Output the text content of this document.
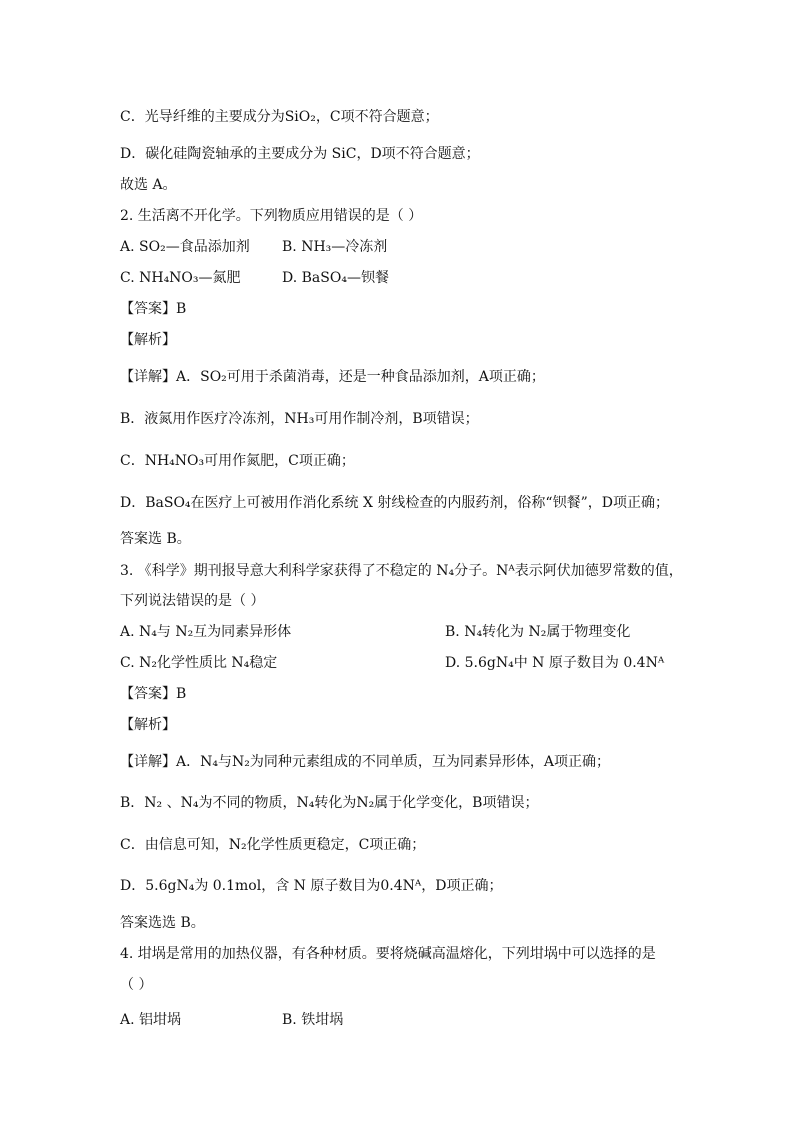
C．光导纤维的主要成分为SiO₂，C项不符合题意；
D．碳化硅陶瓷轴承的主要成分为 SiC，D项不符合题意；
故选 A。
2. 生活离不开化学。下列物质应用错误的是（ ）
A. SO₂—食品添加剂 B. NH₃—冷冻剂
C. NH₄NO₃—氮肥	D. BaSO₄—钡餐
【答案】B
【解析】
【详解】A．SO₂可用于杀菌消毒，还是一种食品添加剂，A项正确；
B．液氮用作医疗冷冻剂，NH₃可用作制冷剂，B项错误；
C．NH₄NO₃可用作氮肥，C项正确；
D．BaSO₄在医疗上可被用作消化系统 X 射线检查的内服药剂，俗称“钡餐”，D项正确；
答案选 B。
3. 《科学》期刊报导意大利科学家获得了不稳定的 N₄分子。Nᴬ表示阿伏加德罗常数的值，
下列说法错误的是（ ）
A. N₄与 N₂互为同素异形体	B. N₄转化为 N₂属于物理变化
C. N₂化学性质比 N₄稳定	D. 5.6gN₄中 N 原子数目为 0.4Nᴬ
【答案】B
【解析】
【详解】A．N₄与N₂为同种元素组成的不同单质，互为同素异形体，A项正确；
B．N₂ 、N₄为不同的物质，N₄转化为N₂属于化学变化，B项错误；
C．由信息可知，N₂化学性质更稳定，C项正确；
D．5.6gN₄为 0.1mol，含 N 原子数目为0.4Nᴬ，D项正确；
答案选选 B。
4. 坩埚是常用的加热仪器，有各种材质。要将烧碱高温熔化，下列坩埚中可以选择的是
（ ）
A. 铝坩埚	B. 铁坩埚
